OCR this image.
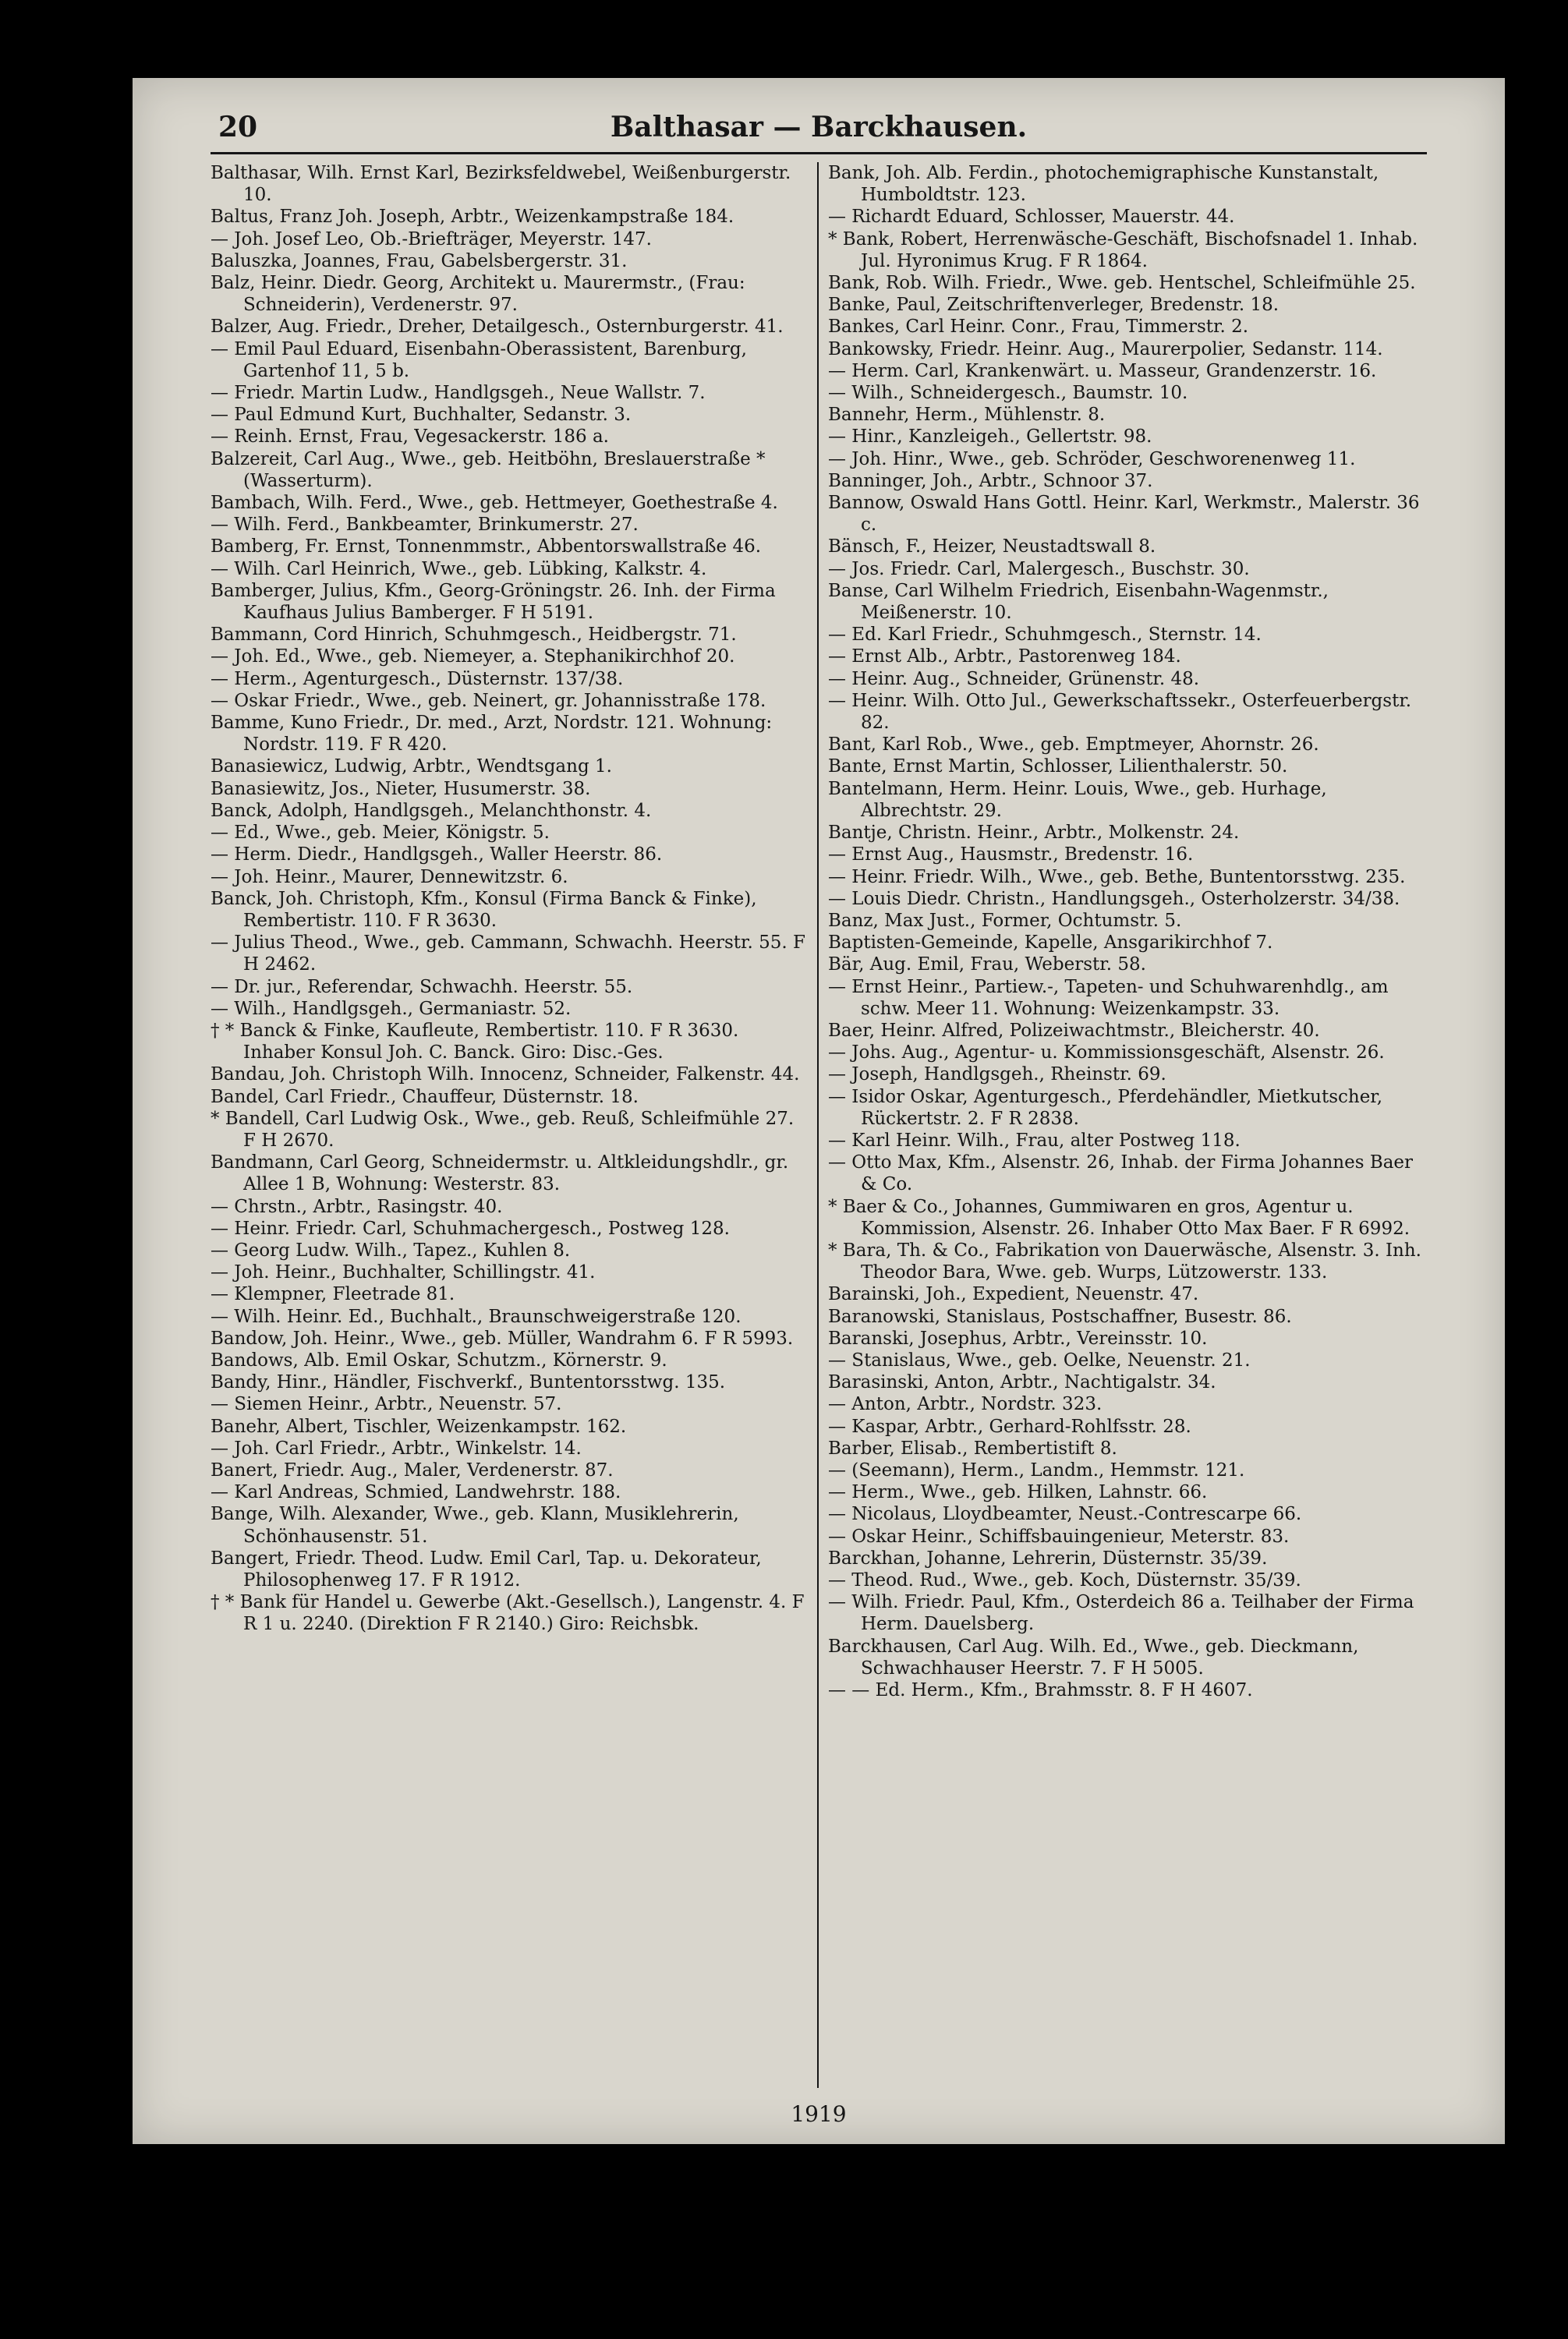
20	Balthasar — Barckhausen.

Balthasar, Wilh. Ernst Karl, Bezirksfeldwebel, Weißenburgerstr. 10.

Baltus, Franz Joh. Joseph, Arbtr., Weizenkampstraße 184.

— Joh. Josef Leo, Ob.-Briefträger, Meyerstr. 147.

Baluszka, Joannes, Frau, Gabelsbergerstr. 31.

Balz, Heinr. Diedr. Georg, Architekt u. Maurermstr., (Frau: Schneiderin), Verdenerstr. 97.

Balzer, Aug. Friedr., Dreher, Detailgesch., Osternburgerstr. 41.

— Emil Paul Eduard, Eisenbahn-Oberassistent, Barenburg, Gartenhof 11, 5 b.

— Friedr. Martin Ludw., Handlgsgeh., Neue Wallstr. 7.

— Paul Edmund Kurt, Buchhalter, Sedanstr. 3.

— Reinh. Ernst, Frau, Vegesackerstr. 186 a.

Balzereit, Carl Aug., Wwe., geb. Heitböhn, Breslauerstraße * (Wasserturm).

Bambach, Wilh. Ferd., Wwe., geb. Hettmeyer, Goethestraße 4.

— Wilh. Ferd., Bankbeamter, Brinkumerstr. 27.

Bamberg, Fr. Ernst, Tonnenmmstr., Abbentorswallstraße 46.

— Wilh. Carl Heinrich, Wwe., geb. Lübking, Kalkstr. 4.

Bamberger, Julius, Kfm., Georg-Gröningstr. 26. Inh. der Firma Kaufhaus Julius Bamberger. F H 5191.

Bammann, Cord Hinrich, Schuhmgesch., Heidbergstr. 71.

— Joh. Ed., Wwe., geb. Niemeyer, a. Stephanikirchhof 20.

— Herm., Agenturgesch., Düsternstr. 137/38.

— Oskar Friedr., Wwe., geb. Neinert, gr. Johannisstraße 178.

Bamme, Kuno Friedr., Dr. med., Arzt, Nordstr. 121. Wohnung: Nordstr. 119. F R 420.

Banasiewicz, Ludwig, Arbtr., Wendtsgang 1.

Banasiewitz, Jos., Nieter, Husumerstr. 38.

Banck, Adolph, Handlgsgeh., Melanchthonstr. 4.

— Ed., Wwe., geb. Meier, Königstr. 5.

— Herm. Diedr., Handlgsgeh., Waller Heerstr. 86.

— Joh. Heinr., Maurer, Dennewitzstr. 6.

Banck, Joh. Christoph, Kfm., Konsul (Firma Banck & Finke), Rembertistr. 110. F R 3630.

— Julius Theod., Wwe., geb. Cammann, Schwachh. Heerstr. 55. F H 2462.

— Dr. jur., Referendar, Schwachh. Heerstr. 55.

— Wilh., Handlgsgeh., Germaniastr. 52.

† * Banck & Finke, Kaufleute, Rembertistr. 110. F R 3630. Inhaber Konsul Joh. C. Banck. Giro: Disc.-Ges.

Bandau, Joh. Christoph Wilh. Innocenz, Schneider, Falkenstr. 44.

Bandel, Carl Friedr., Chauffeur, Düsternstr. 18.

* Bandell, Carl Ludwig Osk., Wwe., geb. Reuß, Schleifmühle 27. F H 2670.

Bandmann, Carl Georg, Schneidermstr. u. Altkleidungshdlr., gr. Allee 1 B, Wohnung: Westerstr. 83.

— Chrstn., Arbtr., Rasingstr. 40.

— Heinr. Friedr. Carl, Schuhmachergesch., Postweg 128.

— Georg Ludw. Wilh., Tapez., Kuhlen 8.

— Joh. Heinr., Buchhalter, Schillingstr. 41.

— Klempner, Fleetrade 81.

— Wilh. Heinr. Ed., Buchhalt., Braunschweigerstraße 120.

Bandow, Joh. Heinr., Wwe., geb. Müller, Wandrahm 6. F R 5993.

Bandows, Alb. Emil Oskar, Schutzm., Körnerstr. 9.

Bandy, Hinr., Händler, Fischverkf., Buntentorsstwg. 135.

— Siemen Heinr., Arbtr., Neuenstr. 57.

Banehr, Albert, Tischler, Weizenkampstr. 162.

— Joh. Carl Friedr., Arbtr., Winkelstr. 14.

Banert, Friedr. Aug., Maler, Verdenerstr. 87.

— Karl Andreas, Schmied, Landwehrstr. 188.

Bange, Wilh. Alexander, Wwe., geb. Klann, Musiklehrerin, Schönhausenstr. 51.

Bangert, Friedr. Theod. Ludw. Emil Carl, Tap. u. Dekorateur, Philosophenweg 17. F R 1912.

† * Bank für Handel u. Gewerbe (Akt.-Gesellsch.), Langenstr. 4. F R 1 u. 2240. (Direktion F R 2140.) Giro: Reichsbk.

Bank, Joh. Alb. Ferdin., photochemigraphische Kunstanstalt, Humboldtstr. 123.

— Richardt Eduard, Schlosser, Mauerstr. 44.

* Bank, Robert, Herrenwäsche-Geschäft, Bischofsnadel 1. Inhab. Jul. Hyronimus Krug. F R 1864.

Bank, Rob. Wilh. Friedr., Wwe. geb. Hentschel, Schleifmühle 25.

Banke, Paul, Zeitschriftenverleger, Bredenstr. 18.

Bankes, Carl Heinr. Conr., Frau, Timmerstr. 2.

Bankowsky, Friedr. Heinr. Aug., Maurerpolier, Sedanstr. 114.

— Herm. Carl, Krankenwärt. u. Masseur, Grandenzerstr. 16.

— Wilh., Schneidergesch., Baumstr. 10.

Bannehr, Herm., Mühlenstr. 8.

— Hinr., Kanzleigeh., Gellertstr. 98.

— Joh. Hinr., Wwe., geb. Schröder, Geschworenenweg 11.

Banninger, Joh., Arbtr., Schnoor 37.

Bannow, Oswald Hans Gottl. Heinr. Karl, Werkmstr., Malerstr. 36 c.

Bänsch, F., Heizer, Neustadtswall 8.

— Jos. Friedr. Carl, Malergesch., Buschstr. 30.

Banse, Carl Wilhelm Friedrich, Eisenbahn-Wagenmstr., Meißenerstr. 10.

— Ed. Karl Friedr., Schuhmgesch., Sternstr. 14.

— Ernst Alb., Arbtr., Pastorenweg 184.

— Heinr. Aug., Schneider, Grünenstr. 48.

— Heinr. Wilh. Otto Jul., Gewerkschaftssekr., Osterfeuerbergstr. 82.

Bant, Karl Rob., Wwe., geb. Emptmeyer, Ahornstr. 26.

Bante, Ernst Martin, Schlosser, Lilienthalerstr. 50.

Bantelmann, Herm. Heinr. Louis, Wwe., geb. Hurhage, Albrechtstr. 29.

Bantje, Christn. Heinr., Arbtr., Molkenstr. 24.

— Ernst Aug., Hausmstr., Bredenstr. 16.

— Heinr. Friedr. Wilh., Wwe., geb. Bethe, Buntentorsstwg. 235.

— Louis Diedr. Christn., Handlungsgeh., Osterholzerstr. 34/38.

Banz, Max Just., Former, Ochtumstr. 5.

Baptisten-Gemeinde, Kapelle, Ansgarikirchhof 7.

Bär, Aug. Emil, Frau, Weberstr. 58.

— Ernst Heinr., Partiew.-, Tapeten- und Schuhwarenhdlg., am schw. Meer 11. Wohnung: Weizenkampstr. 33.

Baer, Heinr. Alfred, Polizeiwachtmstr., Bleicherstr. 40.

— Johs. Aug., Agentur- u. Kommissionsgeschäft, Alsenstr. 26.

— Joseph, Handlgsgeh., Rheinstr. 69.

— Isidor Oskar, Agenturgesch., Pferdehändler, Mietkutscher, Rückertstr. 2. F R 2838.

— Karl Heinr. Wilh., Frau, alter Postweg 118.

— Otto Max, Kfm., Alsenstr. 26, Inhab. der Firma Johannes Baer & Co.

* Baer & Co., Johannes, Gummiwaren en gros, Agentur u. Kommission, Alsenstr. 26. Inhaber Otto Max Baer. F R 6992.

* Bara, Th. & Co., Fabrikation von Dauerwäsche, Alsenstr. 3. Inh. Theodor Bara, Wwe. geb. Wurps, Lützowerstr. 133.

Barainski, Joh., Expedient, Neuenstr. 47.

Baranowski, Stanislaus, Postschaffner, Busestr. 86.

Baranski, Josephus, Arbtr., Vereinsstr. 10.

— Stanislaus, Wwe., geb. Oelke, Neuenstr. 21.

Barasinski, Anton, Arbtr., Nachtigalstr. 34.

— Anton, Arbtr., Nordstr. 323.

— Kaspar, Arbtr., Gerhard-Rohlfsstr. 28.

Barber, Elisab., Rembertistift 8.

— (Seemann), Herm., Landm., Hemmstr. 121.

— Herm., Wwe., geb. Hilken, Lahnstr. 66.

— Nicolaus, Lloydbeamter, Neust.-Contrescarpe 66.

— Oskar Heinr., Schiffsbauingenieur, Meterstr. 83.

Barckhan, Johanne, Lehrerin, Düsternstr. 35/39.

— Theod. Rud., Wwe., geb. Koch, Düsternstr. 35/39.

— Wilh. Friedr. Paul, Kfm., Osterdeich 86 a. Teilhaber der Firma Herm. Dauelsberg.

Barckhausen, Carl Aug. Wilh. Ed., Wwe., geb. Dieckmann, Schwachhauser Heerstr. 7. F H 5005.

— — Ed. Herm., Kfm., Brahmsstr. 8. F H 4607.

1919
